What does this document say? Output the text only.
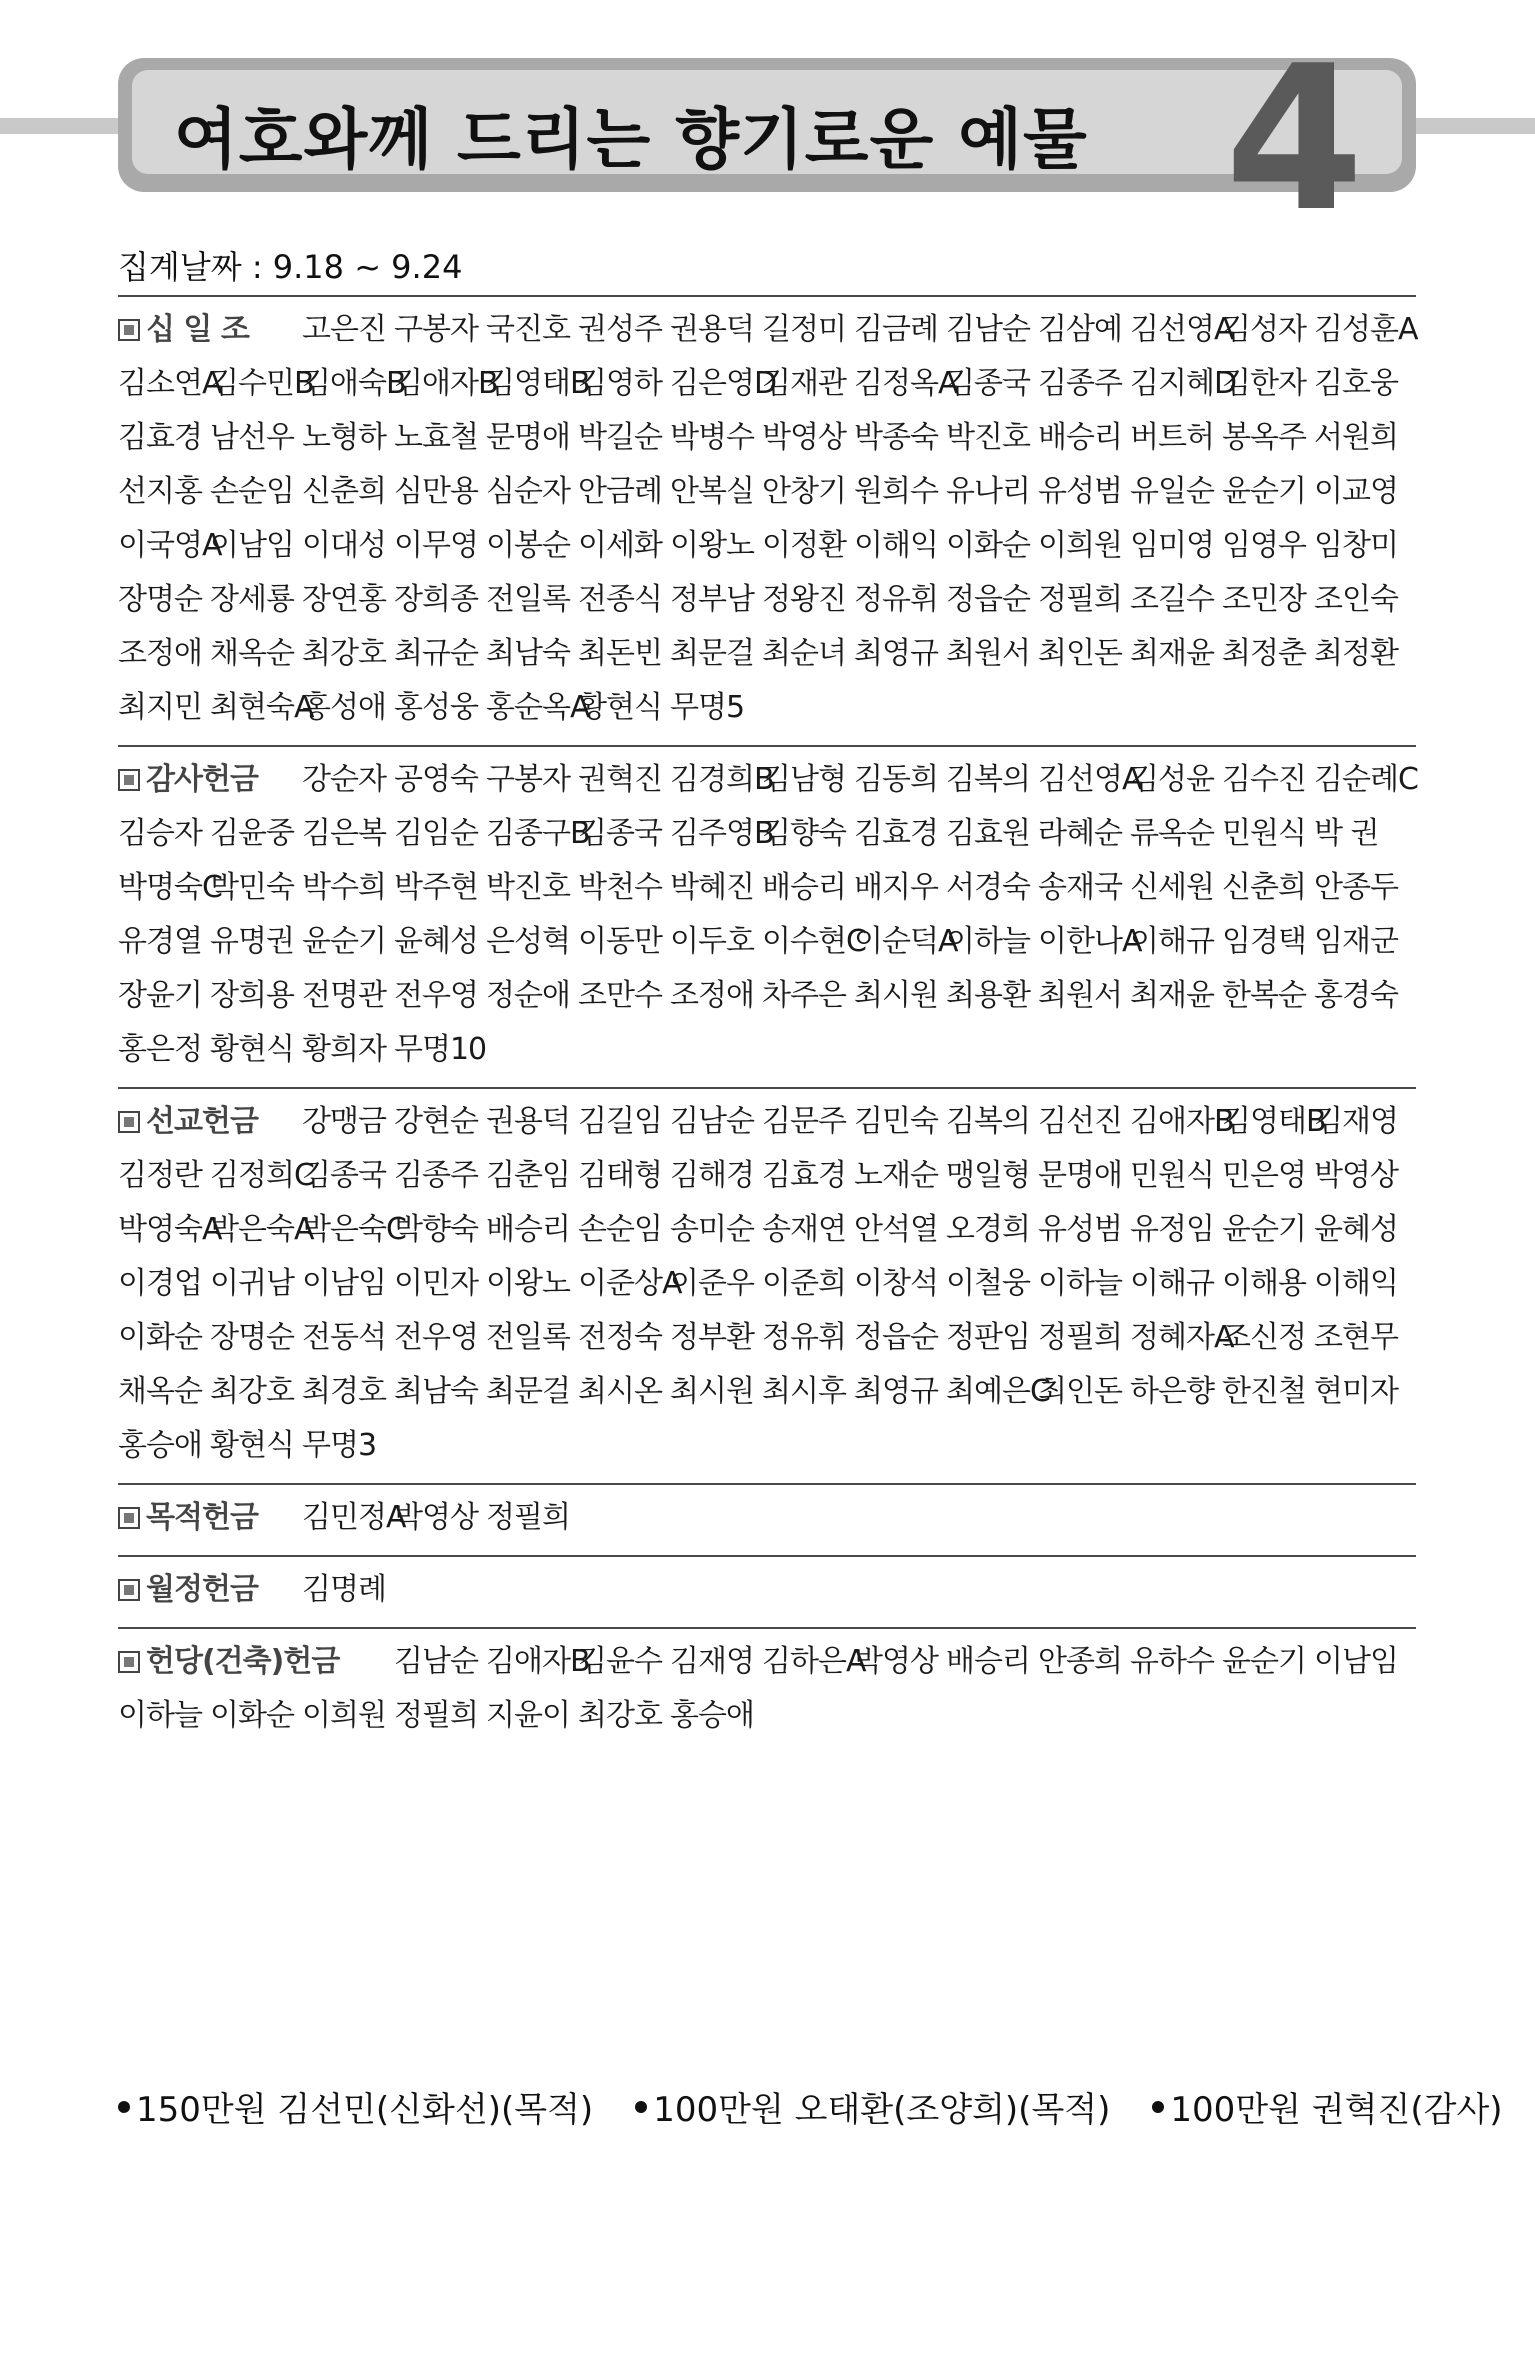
여호와께 드리는 향기로운 예물 4
집계날짜 : 9.18 ~ 9.24
십 일 조 고은진 구봉자 국진호 권성주 권용덕 길정미 김금례 김남순 김삼예 김선영A
김성자 김성훈A
김소연A
김수민B
김애숙B
김애자B
김영태B
김영하 김은영D
김재관 김정옥A
김종국 김종주 김지혜D
김한자 김호웅
김효경 남선우 노형하 노효철 문명애 박길순 박병수 박영상 박종숙 박진호 배승리 버트허 봉옥주 서원희
선지홍 손순임 신춘희 심만용 심순자 안금례 안복실 안창기 원희수 유나리 유성범 유일순 윤순기 이교영
이국영A
이남임 이대성 이무영 이봉순 이세화 이왕노 이정환 이해익 이화순 이희원 임미영 임영우 임창미
장명순 장세룡 장연홍 장희종 전일록 전종식 정부남 정왕진 정유휘 정읍순 정필희 조길수 조민장 조인숙
조정애 채옥순 최강호 최규순 최남숙 최돈빈 최문걸 최순녀 최영규 최원서 최인돈 최재윤 최정춘 최정환
최지민 최현숙A
홍성애 홍성웅 홍순옥A
황현식 무명5
감사헌금 강순자 공영숙 구봉자 권혁진 김경희B
김남형 김동희 김복의 김선영A
김성윤 김수진 김순례C
김승자 김윤중 김은복 김임순 김종구B
김종국 김주영B
김향숙 김효경 김효원 라혜순 류옥순 민원식 박 권
박명숙C
박민숙 박수희 박주현 박진호 박천수 박혜진 배승리 배지우 서경숙 송재국 신세원 신춘희 안종두
유경열 유명권 윤순기 윤혜성 은성혁 이동만 이두호 이수현C
이순덕A
이하늘 이한나A
이해규 임경택 임재군
장윤기 장희용 전명관 전우영 정순애 조만수 조정애 차주은 최시원 최용환 최원서 최재윤 한복순 홍경숙
홍은정 황현식 황희자 무명10
선교헌금 강맹금 강현순 권용덕 김길임 김남순 김문주 김민숙 김복의 김선진 김애자B
김영태B
김재영
김정란 김정희C
김종국 김종주 김춘임 김태형 김해경 김효경 노재순 맹일형 문명애 민원식 민은영 박영상
박영숙A
박은숙A
박은숙C
박향숙 배승리 손순임 송미순 송재연 안석열 오경희 유성범 유정임 윤순기 윤혜성
이경업 이귀남 이남임 이민자 이왕노 이준상A
이준우 이준희 이창석 이철웅 이하늘 이해규 이해용 이해익
이화순 장명순 전동석 전우영 전일록 전정숙 정부환 정유휘 정읍순 정판임 정필희 정혜자A
조신정 조현무
채옥순 최강호 최경호 최남숙 최문걸 최시온 최시원 최시후 최영규 최예은C
최인돈 하은향 한진철 현미자
홍승애 황현식 무명3
목적헌금 김민정A
박영상 정필희
월정헌금 김명례
헌당(건축)헌금 김남순 김애자B
김윤수 김재영 김하은A
박영상 배승리 안종희 유하수 윤순기 이남임
이하늘 이화순 이희원 정필희 지윤이 최강호 홍승애
150만원 김선민(신화선)(목적) 100만원 오태환(조양희)(목적) 100만원 권혁진(감사)
